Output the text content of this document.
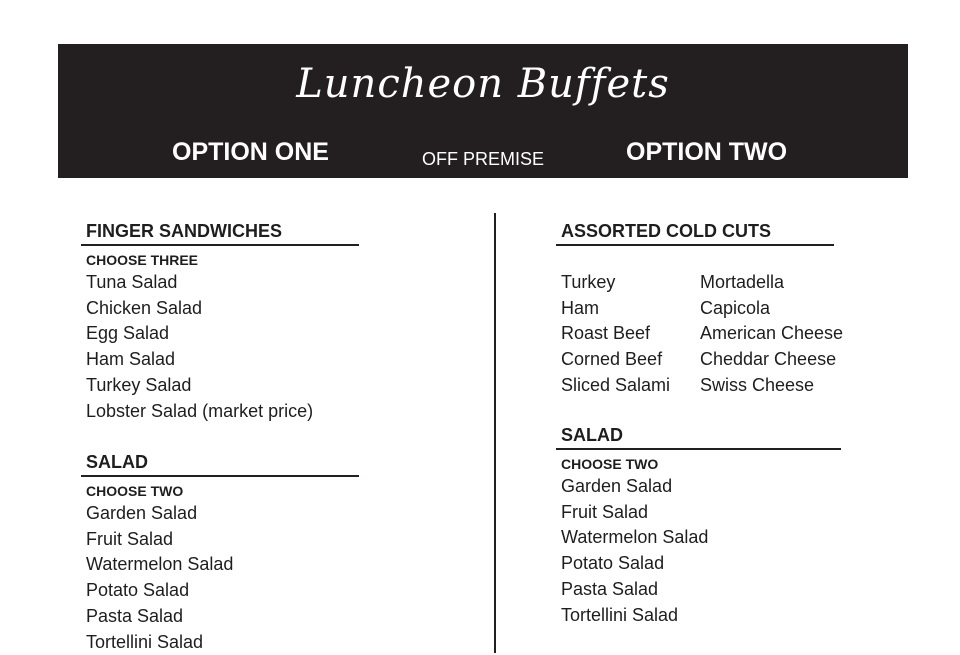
Luncheon Buffets
OPTION ONE	OFF PREMISE	OPTION TWO
FINGER SANDWICHES
CHOOSE THREE
Tuna Salad
Chicken Salad
Egg Salad
Ham Salad
Turkey Salad
Lobster Salad (market price)
SALAD
CHOOSE TWO
Garden Salad
Fruit Salad
Watermelon Salad
Potato Salad
Pasta Salad
Tortellini Salad
ASSORTED COLD CUTS
Turkey
Ham
Roast Beef
Corned Beef
Sliced Salami
Mortadella
Capicola
American Cheese
Cheddar Cheese
Swiss Cheese
SALAD
CHOOSE TWO
Garden Salad
Fruit Salad
Watermelon Salad
Potato Salad
Pasta Salad
Tortellini Salad
